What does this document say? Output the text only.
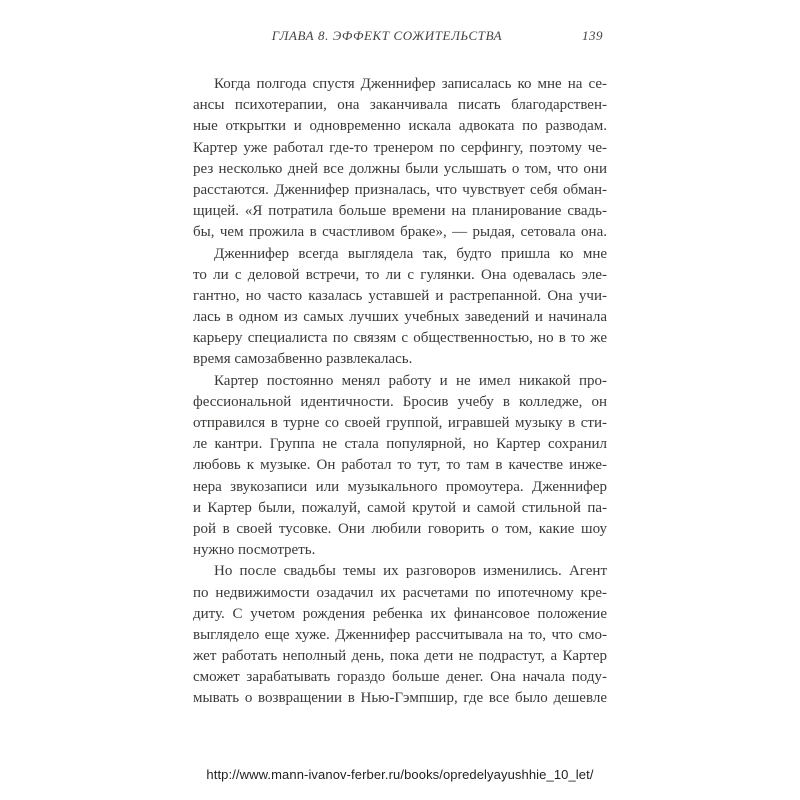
ГЛАВА 8. ЭФФЕКТ СОЖИТЕЛЬСТВА	139
Когда полгода спустя Дженнифер записалась ко мне на се-
ансы психотерапии, она заканчивала писать благодарствен-
ные открытки и одновременно искала адвоката по разводам.
Картер уже работал где-то тренером по серфингу, поэтому че-
рез несколько дней все должны были услышать о том, что они
расстаются. Дженнифер призналась, что чувствует себя обман-
щицей. «Я потратила больше времени на планирование свадь-
бы, чем прожила в счастливом браке», — рыдая, сетовала она.
Дженнифер всегда выглядела так, будто пришла ко мне
то ли с деловой встречи, то ли с гулянки. Она одевалась эле-
гантно, но часто казалась уставшей и растрепанной. Она учи-
лась в одном из самых лучших учебных заведений и начинала
карьеру специалиста по связям с общественностью, но в то же
время самозабвенно развлекалась.
Картер постоянно менял работу и не имел никакой про-
фессиональной идентичности. Бросив учебу в колледже, он
отправился в турне со своей группой, игравшей музыку в сти-
ле кантри. Группа не стала популярной, но Картер сохранил
любовь к музыке. Он работал то тут, то там в качестве инже-
нера звукозаписи или музыкального промоутера. Дженнифер
и Картер были, пожалуй, самой крутой и самой стильной па-
рой в своей тусовке. Они любили говорить о том, какие шоу
нужно посмотреть.
Но после свадьбы темы их разговоров изменились. Агент
по недвижимости озадачил их расчетами по ипотечному кре-
диту. С учетом рождения ребенка их финансовое положение
выглядело еще хуже. Дженнифер рассчитывала на то, что смо-
жет работать неполный день, пока дети не подрастут, а Картер
сможет зарабатывать гораздо больше денег. Она начала поду-
мывать о возвращении в Нью-Гэмпшир, где все было дешевле
http://www.mann-ivanov-ferber.ru/books/opredelyayushhie_10_let/
